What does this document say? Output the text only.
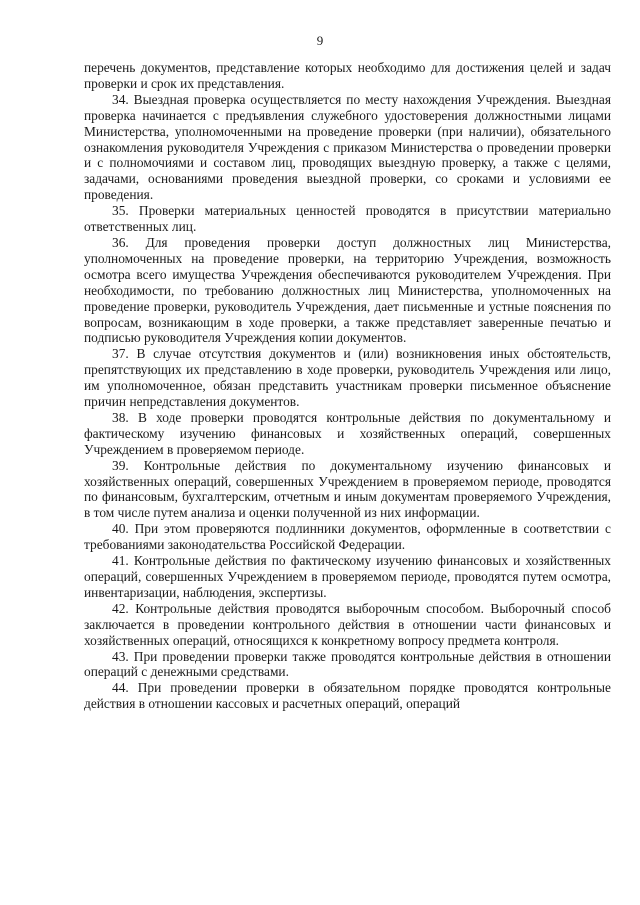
9

перечень документов, представление которых необходимо для достижения целей и задач проверки и срок их представления.

34. Выездная проверка осуществляется по месту нахождения Учреждения. Выездная проверка начинается с предъявления служебного удостоверения должностными лицами Министерства, уполномоченными на проведение проверки (при наличии), обязательного ознакомления руководителя Учреждения с приказом Министерства о проведении проверки и с полномочиями и составом лиц, проводящих выездную проверку, а также с целями, задачами, основаниями проведения выездной проверки, со сроками и условиями ее проведения.

35. Проверки материальных ценностей проводятся в присутствии материально ответственных лиц.

36. Для проведения проверки доступ должностных лиц Министерства, уполномоченных на проведение проверки, на территорию Учреждения, возможность осмотра всего имущества Учреждения обеспечиваются руководителем Учреждения. При необходимости, по требованию должностных лиц Министерства, уполномоченных на проведение проверки, руководитель Учреждения, дает письменные и устные пояснения по вопросам, возникающим в ходе проверки, а также представляет заверенные печатью и подписью руководителя Учреждения копии документов.

37. В случае отсутствия документов и (или) возникновения иных обстоятельств, препятствующих их представлению в ходе проверки, руководитель Учреждения или лицо, им уполномоченное, обязан представить участникам проверки письменное объяснение причин непредставления документов.

38. В ходе проверки проводятся контрольные действия по документальному и фактическому изучению финансовых и хозяйственных операций, совершенных Учреждением в проверяемом периоде.

39. Контрольные действия по документальному изучению финансовых и хозяйственных операций, совершенных Учреждением в проверяемом периоде, проводятся по финансовым, бухгалтерским, отчетным и иным документам проверяемого Учреждения, в том числе путем анализа и оценки полученной из них информации.

40. При этом проверяются подлинники документов, оформленные в соответствии с требованиями законодательства Российской Федерации.

41. Контрольные действия по фактическому изучению финансовых и хозяйственных операций, совершенных Учреждением в проверяемом периоде, проводятся путем осмотра, инвентаризации, наблюдения, экспертизы.

42. Контрольные действия проводятся выборочным способом. Выборочный способ заключается в проведении контрольного действия в отношении части финансовых и хозяйственных операций, относящихся к конкретному вопросу предмета контроля.

43. При проведении проверки также проводятся контрольные действия в отношении операций с денежными средствами.

44. При проведении проверки в обязательном порядке проводятся контрольные действия в отношении кассовых и расчетных операций, операций
